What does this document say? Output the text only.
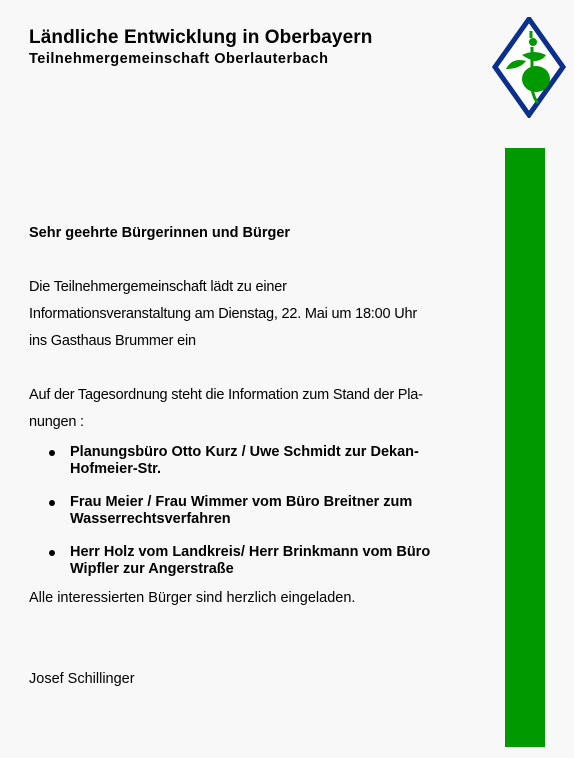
Ländliche Entwicklung in Oberbayern
Teilnehmergemeinschaft Oberlauterbach

Sehr geehrte Bürgerinnen und Bürger

Die Teilnehmergemeinschaft lädt zu einer
Informationsveranstaltung am Dienstag, 22. Mai um 18:00 Uhr
ins Gasthaus Brummer ein
Auf der Tagesordnung steht die Information zum Stand der Pla-
nungen :
Planungsbüro Otto Kurz / Uwe Schmidt zur Dekan-
Hofmeier-Str.
Frau Meier / Frau Wimmer vom Büro Breitner zum
Wasserrechtsverfahren
Herr Holz vom Landkreis/ Herr Brinkmann vom Büro
Wipfler zur Angerstraße

Alle interessierten Bürger sind herzlich eingeladen.

Josef Schillinger
